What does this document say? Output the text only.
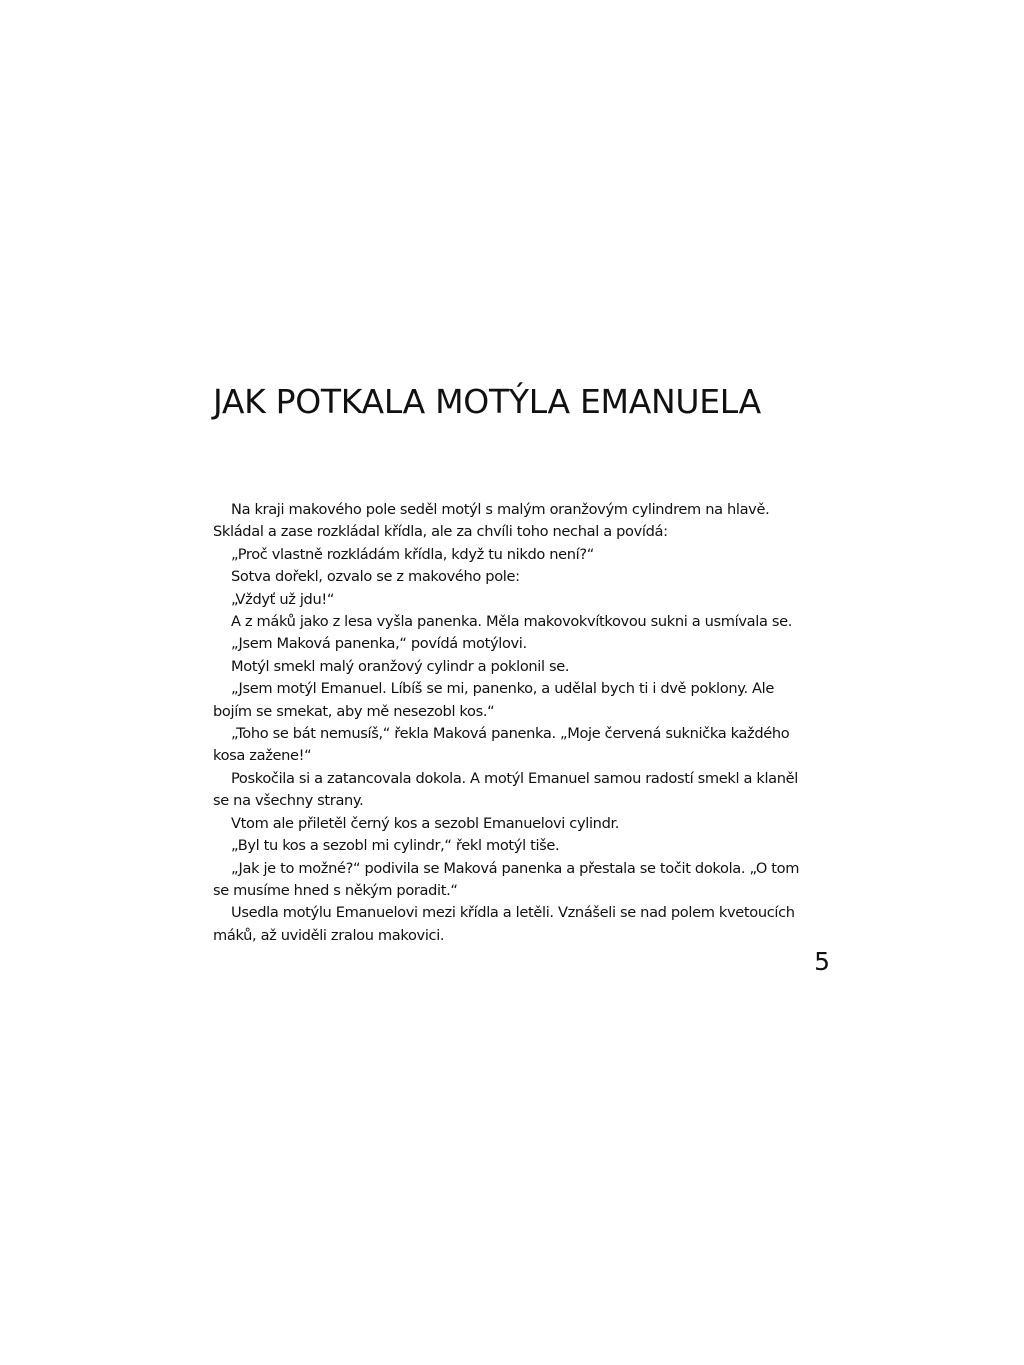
JAK POTKALA MOTÝLA EMANUELA

Na kraji makového pole seděl motýl s malým oranžovým cylindrem na hlavě. Skládal a zase rozkládal křídla, ale za chvíli toho nechal a povídá:

„Proč vlastně rozkládám křídla, když tu nikdo není?“

Sotva dořekl, ozvalo se z makového pole:

„Vždyť už jdu!“

A z máků jako z lesa vyšla panenka. Měla makovokvítkovou sukni a usmívala se.

„Jsem Maková panenka,“ povídá motýlovi.

Motýl smekl malý oranžový cylindr a poklonil se.

„Jsem motýl Emanuel. Líbíš se mi, panenko, a udělal bych ti i dvě poklony. Ale bojím se smekat, aby mě nesezobl kos.“

„Toho se bát nemusíš,“ řekla Maková panenka. „Moje červená suknička každého kosa zažene!“

Poskočila si a zatancovala dokola. A motýl Emanuel samou radostí smekl a klaněl se na všechny strany.

Vtom ale přiletěl černý kos a sezobl Emanuelovi cylindr.

„Byl tu kos a sezobl mi cylindr,“ řekl motýl tiše.

„Jak je to možné?“ podivila se Maková panenka a přestala se točit dokola. „O tom se musíme hned s někým poradit.“

Usedla motýlu Emanuelovi mezi křídla a letěli. Vznášeli se nad polem kvetoucích máků, až uviděli zralou makovici.

5
